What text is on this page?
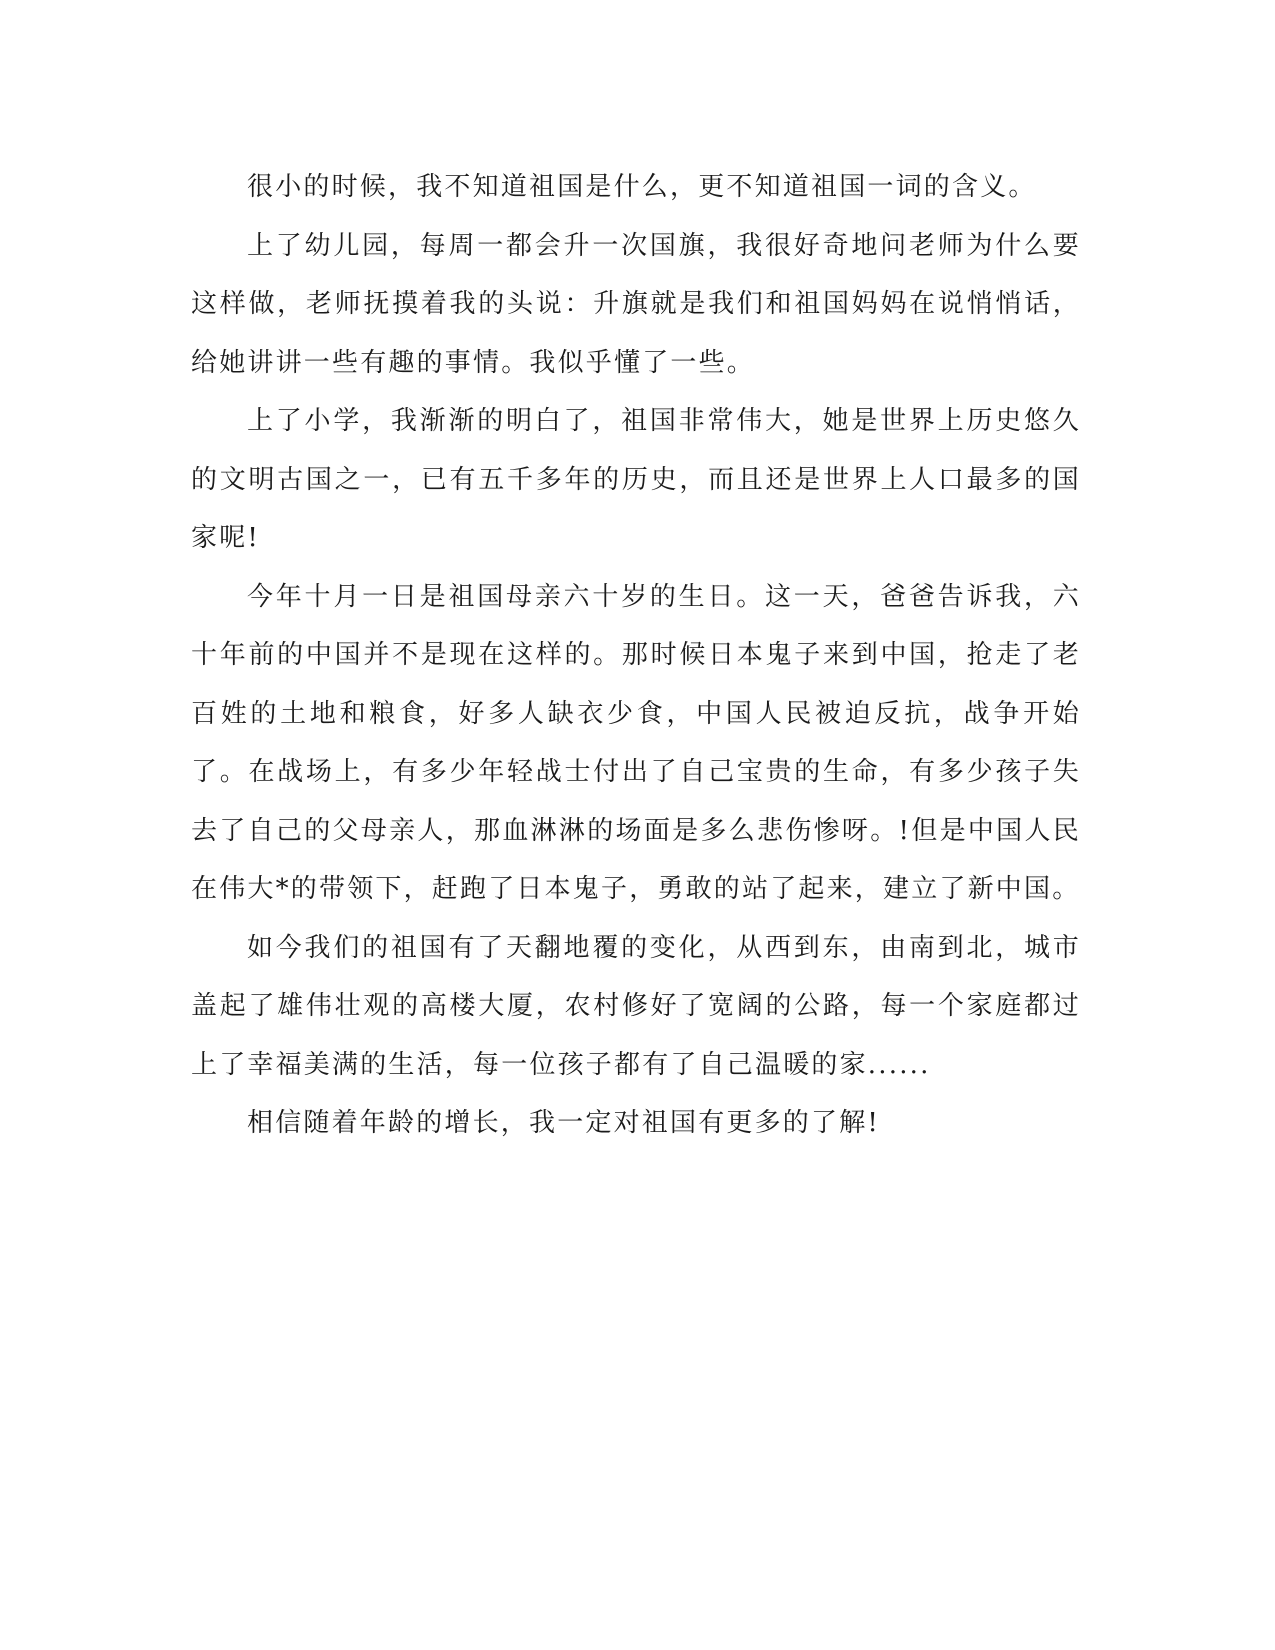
很小的时候，我不知道祖国是什么，更不知道祖国一词的含义。

上了幼儿园，每周一都会升一次国旗，我很好奇地问老师为什么要这样做，老师抚摸着我的头说：升旗就是我们和祖国妈妈在说悄悄话，给她讲讲一些有趣的事情。我似乎懂了一些。

上了小学，我渐渐的明白了，祖国非常伟大，她是世界上历史悠久的文明古国之一，已有五千多年的历史，而且还是世界上人口最多的国家呢!

今年十月一日是祖国母亲六十岁的生日。这一天，爸爸告诉我，六十年前的中国并不是现在这样的。那时候日本鬼子来到中国，抢走了老百姓的土地和粮食，好多人缺衣少食，中国人民被迫反抗，战争开始了。在战场上，有多少年轻战士付出了自己宝贵的生命，有多少孩子失去了自己的父母亲人，那血淋淋的场面是多么悲伤惨呀。!但是中国人民在伟大*的带领下，赶跑了日本鬼子，勇敢的站了起来，建立了新中国。

如今我们的祖国有了天翻地覆的变化，从西到东，由南到北，城市盖起了雄伟壮观的高楼大厦，农村修好了宽阔的公路，每一个家庭都过上了幸福美满的生活，每一位孩子都有了自己温暖的家......

相信随着年龄的增长，我一定对祖国有更多的了解!
